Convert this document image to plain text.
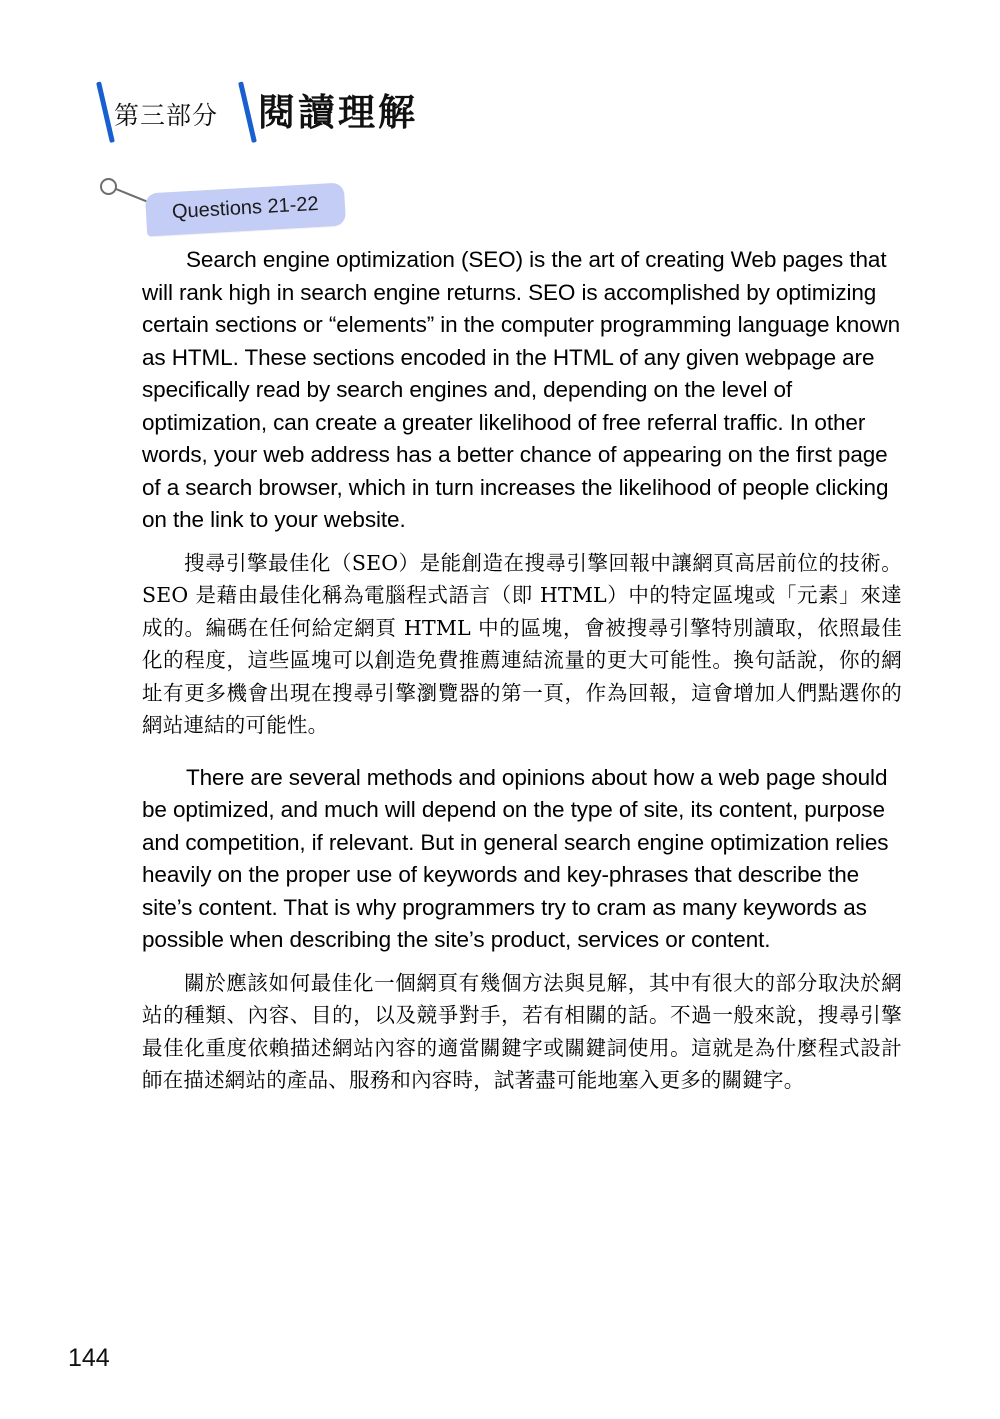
第三部分 閱讀理解
Questions 21-22

Search engine optimization (SEO) is the art of creating Web pages that will rank high in search engine returns. SEO is accomplished by optimizing certain sections or “elements” in the computer programming language known as HTML. These sections encoded in the HTML of any given webpage are specifically read by search engines and, depending on the level of optimization, can create a greater likelihood of free referral traffic. In other words, your web address has a better chance of appearing on the first page of a search browser, which in turn increases the likelihood of people clicking on the link to your website.

搜尋引擎最佳化（SEO）是能創造在搜尋引擎回報中讓網頁高居前位的技術。SEO 是藉由最佳化稱為電腦程式語言（即 HTML）中的特定區塊或「元素」來達成的。編碼在任何給定網頁 HTML 中的區塊，會被搜尋引擎特別讀取，依照最佳化的程度，這些區塊可以創造免費推薦連結流量的更大可能性。換句話說，你的網址有更多機會出現在搜尋引擎瀏覽器的第一頁，作為回報，這會增加人們點選你的網站連結的可能性。

There are several methods and opinions about how a web page should be optimized, and much will depend on the type of site, its content, purpose and competition, if relevant. But in general search engine optimization relies heavily on the proper use of keywords and key-phrases that describe the site’s content. That is why programmers try to cram as many keywords as possible when describing the site’s product, services or content.

關於應該如何最佳化一個網頁有幾個方法與見解，其中有很大的部分取決於網站的種類、內容、目的，以及競爭對手，若有相關的話。不過一般來說，搜尋引擎最佳化重度依賴描述網站內容的適當關鍵字或關鍵詞使用。這就是為什麼程式設計師在描述網站的產品、服務和內容時，試著盡可能地塞入更多的關鍵字。

144
